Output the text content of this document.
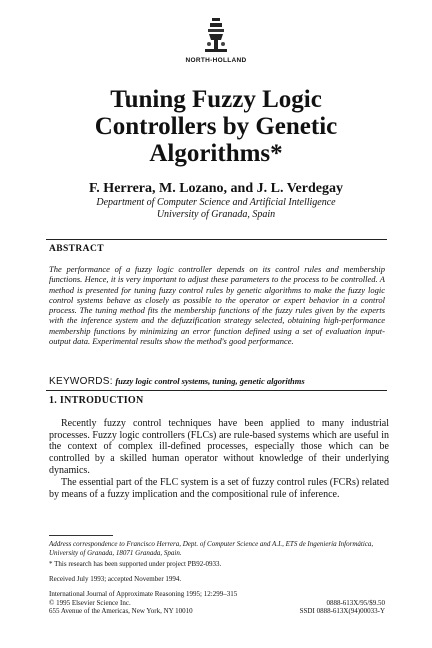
NORTH-HOLLAND
Tuning Fuzzy Logic Controllers by Genetic Algorithms*
F. Herrera, M. Lozano, and J. L. Verdegay
Department of Computer Science and Artificial Intelligence
University of Granada, Spain
ABSTRACT
The performance of a fuzzy logic controller depends on its control rules and membership functions. Hence, it is very important to adjust these parameters to the process to be controlled. A method is presented for tuning fuzzy control rules by genetic algorithms to make the fuzzy logic control systems behave as closely as possible to the operator or expert behavior in a control process. The tuning method fits the membership functions of the fuzzy rules given by the experts with the inference system and the defuzzification strategy selected, obtaining high-performance membership functions by minimizing an error function defined using a set of evaluation input-output data. Experimental results show the method's good performance.
KEYWORDS: fuzzy logic control systems, tuning, genetic algorithms
1. INTRODUCTION
Recently fuzzy control techniques have been applied to many industrial processes. Fuzzy logic controllers (FLCs) are rule-based systems which are useful in the context of complex ill-defined processes, especially those which can be controlled by a skilled human operator without knowledge of their underlying dynamics.
The essential part of the FLC system is a set of fuzzy control rules (FCRs) related by means of a fuzzy implication and the compositional rule of inference.
Address correspondence to Francisco Herrera, Dept. of Computer Science and A.I., ETS de Ingeniería Informática, University of Granada, 18071 Granada, Spain.
* This research has been supported under project PB92-0933.
Received July 1993; accepted November 1994.
International Journal of Approximate Reasoning 1995; 12:299–315
© 1995 Elsevier Science Inc.	0888-613X/95/$9.50
655 Avenue of the Americas, New York, NY 10010	SSDI 0888-613X(94)00033-Y
